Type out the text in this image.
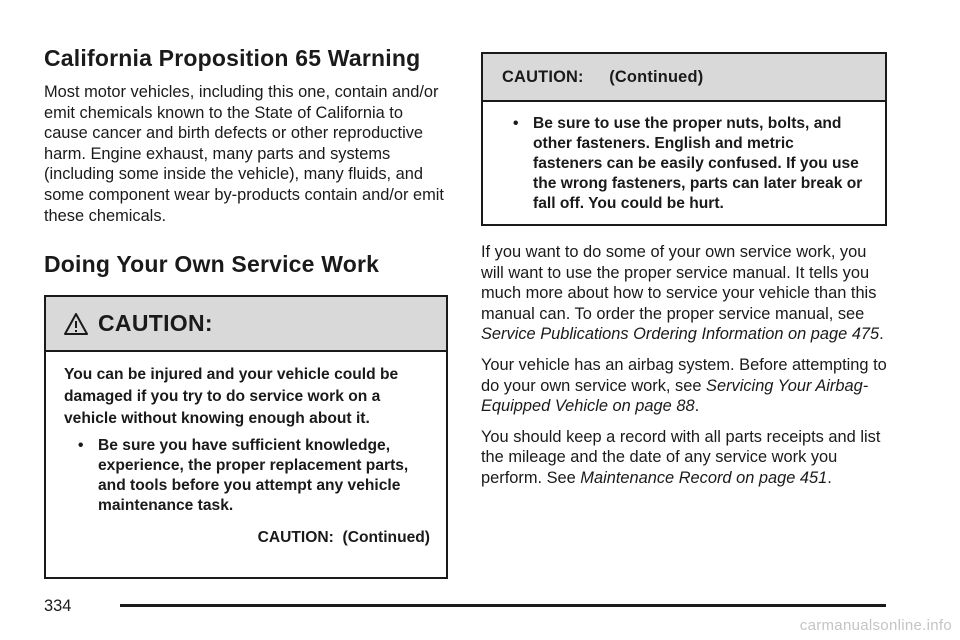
California Proposition 65 Warning

Most motor vehicles, including this one, contain and/or emit chemicals known to the State of California to cause cancer and birth defects or other reproductive harm. Engine exhaust, many parts and systems (including some inside the vehicle), many fluids, and some component wear by-products contain and/or emit these chemicals.

Doing Your Own Service Work
CAUTION:

You can be injured and your vehicle could be damaged if you try to do service work on a vehicle without knowing enough about it.

• Be sure you have sufficient knowledge, experience, the proper replacement parts, and tools before you attempt any vehicle maintenance task.

CAUTION:  (Continued)

CAUTION:  (Continued)
• Be sure to use the proper nuts, bolts, and other fasteners. English and metric fasteners can be easily confused. If you use the wrong fasteners, parts can later break or fall off. You could be hurt.

If you want to do some of your own service work, you will want to use the proper service manual. It tells you much more about how to service your vehicle than this manual can. To order the proper service manual, see Service Publications Ordering Information on page 475.

Your vehicle has an airbag system. Before attempting to do your own service work, see Servicing Your Airbag-Equipped Vehicle on page 88.

You should keep a record with all parts receipts and list the mileage and the date of any service work you perform. See Maintenance Record on page 451.

334
carmanualsonline.info
